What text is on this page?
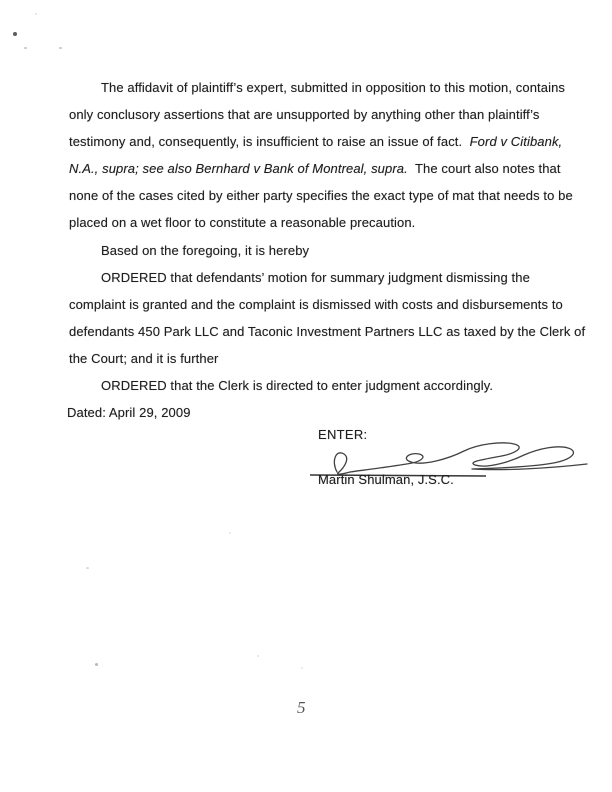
The affidavit of plaintiff’s expert, submitted in opposition to this motion, contains
only conclusory assertions that are unsupported by anything other than plaintiff’s
testimony and, consequently, is insufficient to raise an issue of fact.  Ford v Citibank,
N.A., supra; see also Bernhard v Bank of Montreal, supra.  The court also notes that
none of the cases cited by either party specifies the exact type of mat that needs to be
placed on a wet floor to constitute a reasonable precaution.
Based on the foregoing, it is hereby
ORDERED that defendants’ motion for summary judgment dismissing the
complaint is granted and the complaint is dismissed with costs and disbursements to
defendants 450 Park LLC and Taconic Investment Partners LLC as taxed by the Clerk of
the Court; and it is further
ORDERED that the Clerk is directed to enter judgment accordingly.
Dated: April 29, 2009
ENTER:
Martin Shulman, J.S.C.
5
